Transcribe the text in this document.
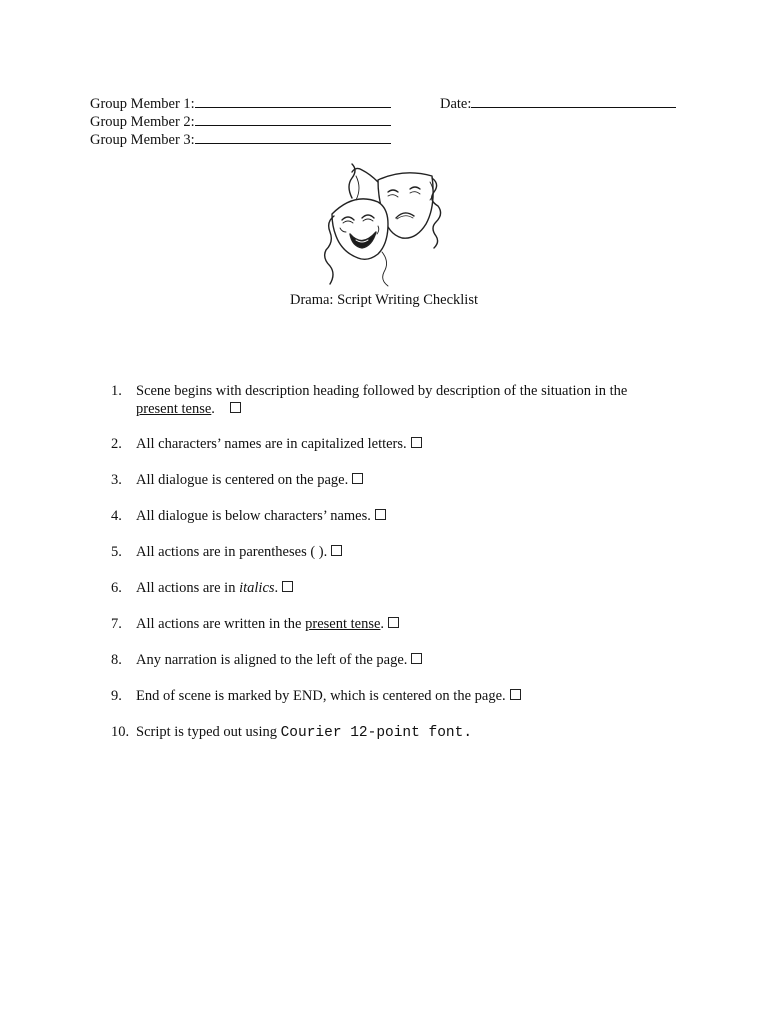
Group Member 1:
Group Member 2:
Group Member 3:
Date:
Drama: Script Writing Checklist
1. Scene begins with description heading followed by description of the situation in the present tense.
2. All characters’ names are in capitalized letters.
3. All dialogue is centered on the page.
4. All dialogue is below characters’ names.
5. All actions are in parentheses ( ).
6. All actions are in italics.
7. All actions are written in the present tense.
8. Any narration is aligned to the left of the page.
9. End of scene is marked by END, which is centered on the page.
10. Script is typed out using Courier 12-point font.
